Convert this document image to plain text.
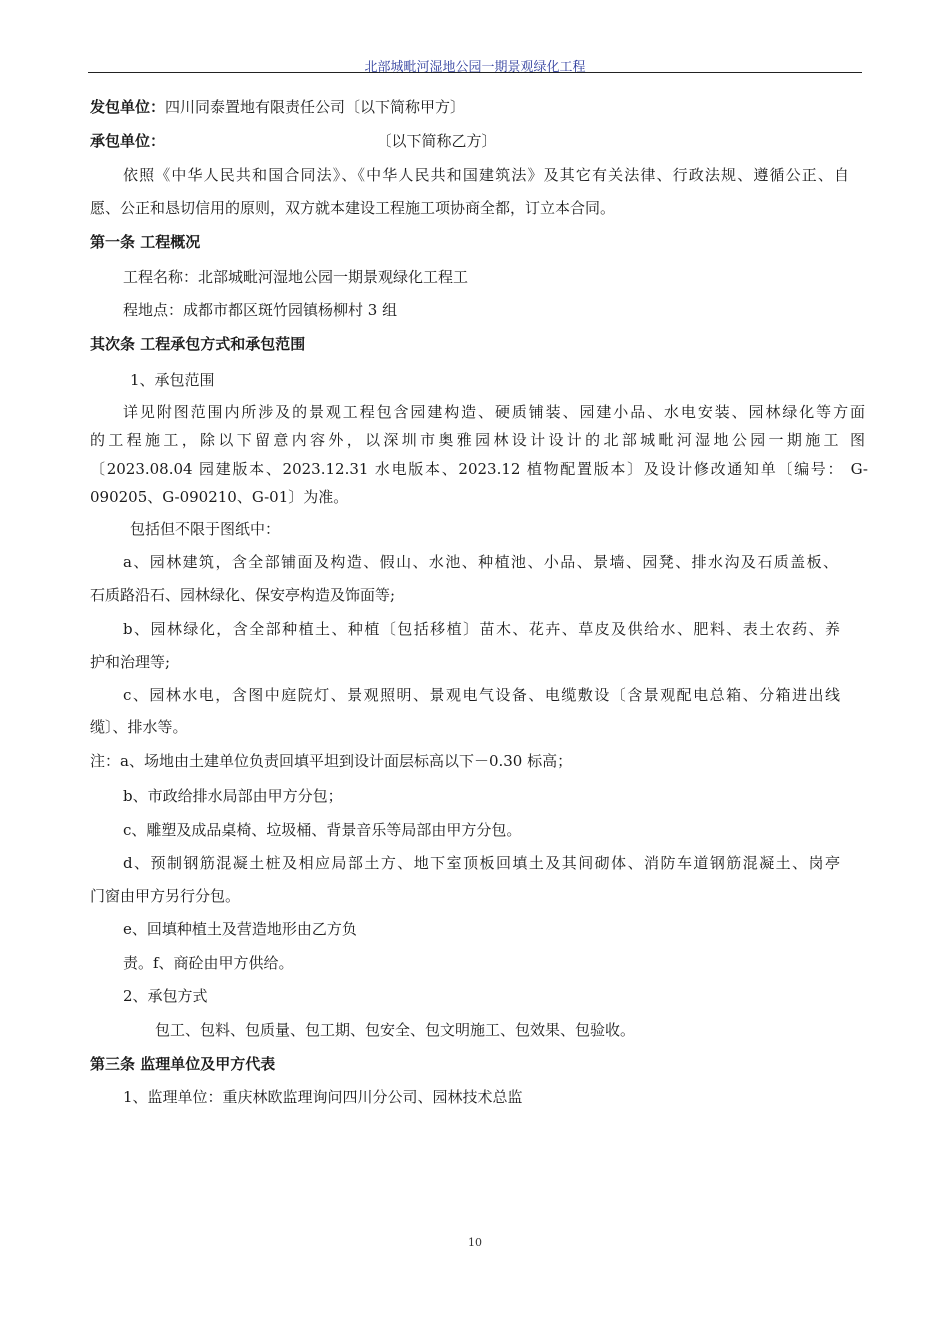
北部城毗河湿地公园一期景观绿化工程
发包单位：四川同泰置地有限责任公司〔以下简称甲方〕
承包单位：	〔以下简称乙方〕
依照《中华人民共和国合同法》、《中华人民共和国建筑法》及其它有关法律、行政法规、遵循公正、自
愿、公正和恳切信用的原则，双方就本建设工程施工项协商全都，订立本合同。
第一条 工程概况
工程名称：北部城毗河湿地公园一期景观绿化工程工
程地点：成都市都区斑竹园镇杨柳村 3 组
其次条 工程承包方式和承包范围
1、承包范围
详见附图范围内所涉及的景观工程包含园建构造、硬质铺装、园建小品、水电安装、园林绿化等方面
的工程施工，除以下留意内容外，以深圳市奥雅园林设计设计的北部城毗河湿地公园一期施工 图
〔2023.08.04 园建版本、2023.12.31 水电版本、2023.12 植物配置版本〕及设计修改通知单〔编号： G-
090205、G-090210、G-01〕为准。
包括但不限于图纸中：
a、园林建筑，含全部铺面及构造、假山、水池、种植池、小品、景墙、园凳、排水沟及石质盖板、
石质路沿石、园林绿化、保安亭构造及饰面等;
b、园林绿化，含全部种植土、种植〔包括移植〕苗木、花卉、草皮及供给水、肥料、表土农药、养
护和治理等;
c、园林水电，含图中庭院灯、景观照明、景观电气设备、电缆敷设〔含景观配电总箱、分箱进出线
缆〕、排水等。
注：a、场地由土建单位负责回填平坦到设计面层标高以下－0.30 标高；
b、市政给排水局部由甲方分包；
c、雕塑及成品桌椅、垃圾桶、背景音乐等局部由甲方分包。
d、预制钢筋混凝土桩及相应局部土方、地下室顶板回填土及其间砌体、消防车道钢筋混凝土、岗亭
门窗由甲方另行分包。
e、回填种植土及营造地形由乙方负
责。f、商砼由甲方供给。
2、承包方式
包工、包料、包质量、包工期、包安全、包文明施工、包效果、包验收。
第三条 监理单位及甲方代表
1、监理单位：重庆林欧监理询问四川分公司、园林技术总监
10
